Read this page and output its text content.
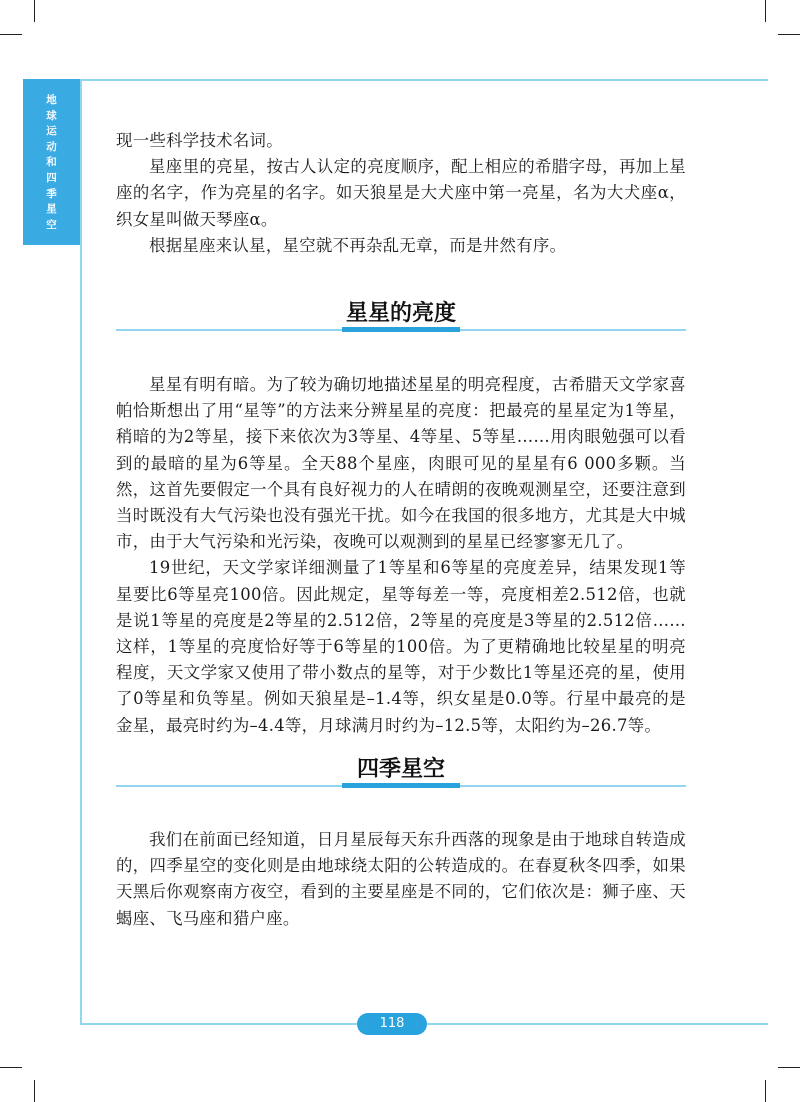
地
球
运
动
和
四
季
星
空

现一些科学技术名词。

星座里的亮星，按古人认定的亮度顺序，配上相应的希腊字母，再加上星座的名字，作为亮星的名字。如天狼星是大犬座中第一亮星，名为大犬座α，织女星叫做天琴座α。

根据星座来认星，星空就不再杂乱无章，而是井然有序。

星星的亮度

星星有明有暗。为了较为确切地描述星星的明亮程度，古希腊天文学家喜帕恰斯想出了用“星等”的方法来分辨星星的亮度：把最亮的星星定为1等星，稍暗的为2等星，接下来依次为3等星、4等星、5等星……用肉眼勉强可以看到的最暗的星为6等星。全天88个星座，肉眼可见的星星有6 000多颗。当然，这首先要假定一个具有良好视力的人在晴朗的夜晚观测星空，还要注意到当时既没有大气污染也没有强光干扰。如今在我国的很多地方，尤其是大中城市，由于大气污染和光污染，夜晚可以观测到的星星已经寥寥无几了。

19世纪，天文学家详细测量了1等星和6等星的亮度差异，结果发现1等星要比6等星亮100倍。因此规定，星等每差一等，亮度相差2.512倍，也就是说1等星的亮度是2等星的2.512倍，2等星的亮度是3等星的2.512倍……这样，1等星的亮度恰好等于6等星的100倍。为了更精确地比较星星的明亮程度，天文学家又使用了带小数点的星等，对于少数比1等星还亮的星，使用了0等星和负等星。例如天狼星是–1.4等，织女星是0.0等。行星中最亮的是金星，最亮时约为–4.4等，月球满月时约为–12.5等，太阳约为–26.7等。

四季星空

我们在前面已经知道，日月星辰每天东升西落的现象是由于地球自转造成的，四季星空的变化则是由地球绕太阳的公转造成的。在春夏秋冬四季，如果天黑后你观察南方夜空，看到的主要星座是不同的，它们依次是：狮子座、天蝎座、飞马座和猎户座。

118
